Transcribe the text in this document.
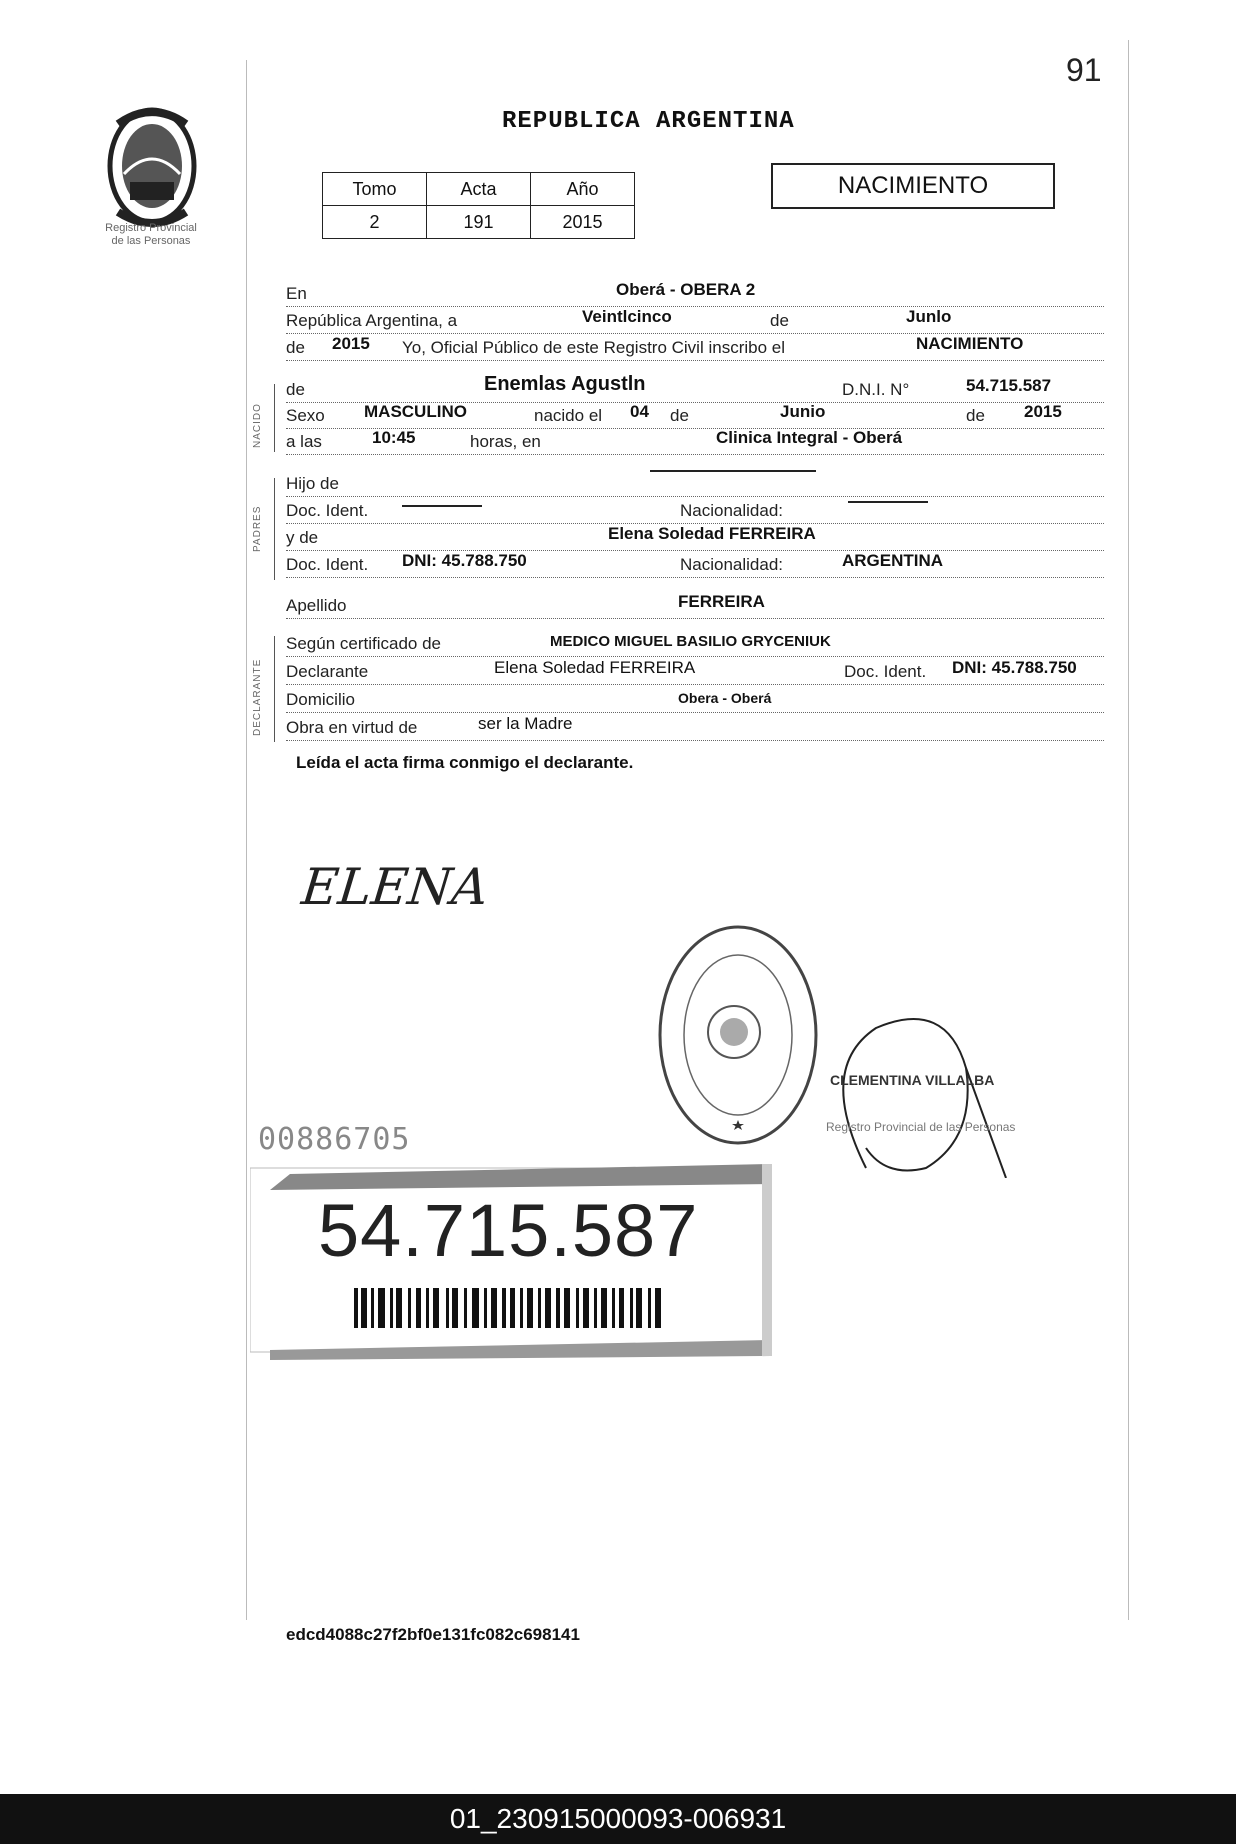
91
Registro Provincial
de las Personas
REPUBLICA ARGENTINA
Tomo	Acta	Año
2	191	2015
NACIMIENTO
En	Oberá - OBERA 2
República Argentina, a	Veintlcinco	de	Junlo
de 2015 Yo, Oficial Público de este Registro Civil inscribo el	NACIMIENTO
de	Enemlas Agustln	D.N.I. N°	54.715.587
Sexo MASCULINO	nacido el 04 de	Junio	de 2015
a las	10:45	horas, en	Clinica Integral - Oberá
Hijo de
Doc. Ident.	Nacionalidad:
y de	Elena Soledad FERREIRA
Doc. Ident. DNI: 45.788.750	Nacionalidad:	ARGENTINA
Apellido	FERREIRA
Según certificado de	MEDICO MIGUEL BASILIO GRYCENIUK
Declarante	Elena Soledad FERREIRA	Doc. Ident. DNI: 45.788.750
Domicilio	Obera - Oberá
Obra en virtud de	ser la Madre
NACIDO
PADRES
DECLARANTE
Leída el acta firma conmigo el declarante.
ELENA
CLEMENTINA VILLALBA
Registro Provincial de las Personas
00886705
54.715.587
edcd4088c27f2bf0e131fc082c698141
01_230915000093-006931
